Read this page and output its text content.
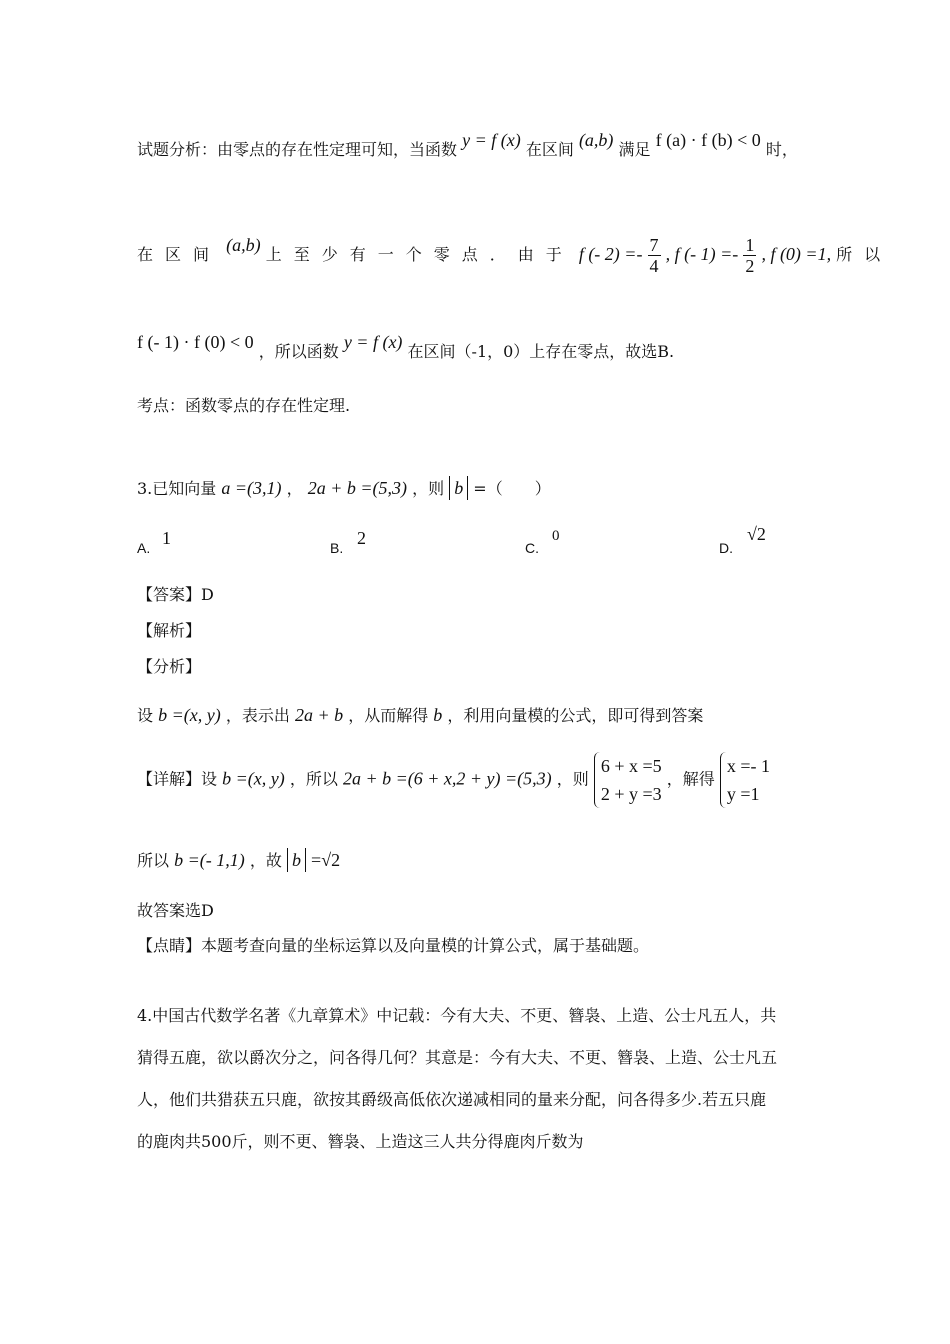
试题分析：由零点的存在性定理可知，当函数 y = f (x) 在区间 (a,b) 满足 f (a) · f (b) < 0 时，
在区间 (a,b) 上至少有一个零点．由于 f (- $2) =- \frac{7}{4}$ , f (- $1) =- \frac{1}{2}$ , f (0) =1, 所以
f (- 1) · f (0) < 0 ，所以函数 y = f (x) 在区间（-1，0）上存在零点，故选B.
考点：函数零点的存在性定理.
3.已知向量 a =(3,1) ， 2a + b =(5,3) ，则 b =（　　）
A. 1	B. 2	C.
0
D.
√2
【答案】D
【解析】
【分析】
设 b =(x, y) ，表示出 2a + b ，从而解得 b ，利用向量模的公式，即可得到答案
【详解】设 b =(x, y) ，所以 2a + b =(6 + x,2 + y) =(5,3) ，则
6 + x =5
2 + y =3
，解得
x =- 1
y =1
所以 b =(- 1,1) ，故 b =√2
故答案选D
【点睛】本题考查向量的坐标运算以及向量模的计算公式，属于基础题。
4.中国古代数学名著《九章算术》中记载：今有大夫、不更、簪袅、上造、公士凡五人，共
猜得五鹿，欲以爵次分之，问各得几何？其意是：今有大夫、不更、簪袅、上造、公士凡五
人，他们共猎获五只鹿，欲按其爵级高低依次递减相同的量来分配，问各得多少.若五只鹿
的鹿肉共500斤，则不更、簪袅、上造这三人共分得鹿肉斤数为
